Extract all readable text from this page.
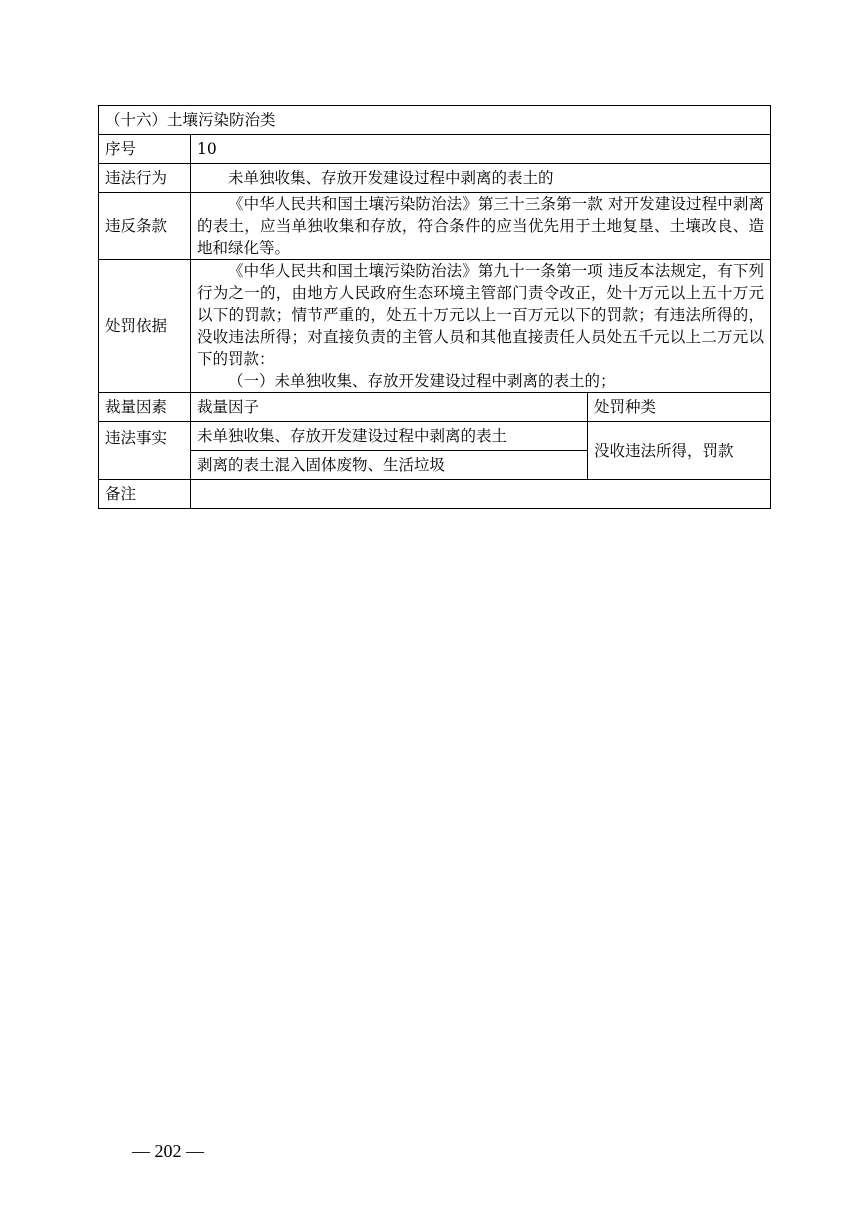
（十六）土壤污染防治类		
序号	10	
违法行为	未单独收集、存放开发建设过程中剥离的表土的	
违反条款	《中华人民共和国土壤污染防治法》第三十三条第一款 对开发建设过程中剥离的表土，应当单独收集和存放，符合条件的应当优先用于土地复垦、土壤改良、造地和绿化等。	
处罚依据	《中华人民共和国土壤污染防治法》第九十一条第一项 违反本法规定，有下列行为之一的，由地方人民政府生态环境主管部门责令改正，处十万元以上五十万元以下的罚款；情节严重的，处五十万元以上一百万元以下的罚款；有违法所得的，没收违法所得；对直接负责的主管人员和其他直接责任人员处五千元以上二万元以下的罚款：

（一）未单独收集、存放开发建设过程中剥离的表土的；	

裁量因素	裁量因子	处罚种类
违法事实	未单独收集、存放开发建设过程中剥离的表土	没收违法所得，罚款
	剥离的表土混入固体废物、生活垃圾	
备注		
— 202 —
